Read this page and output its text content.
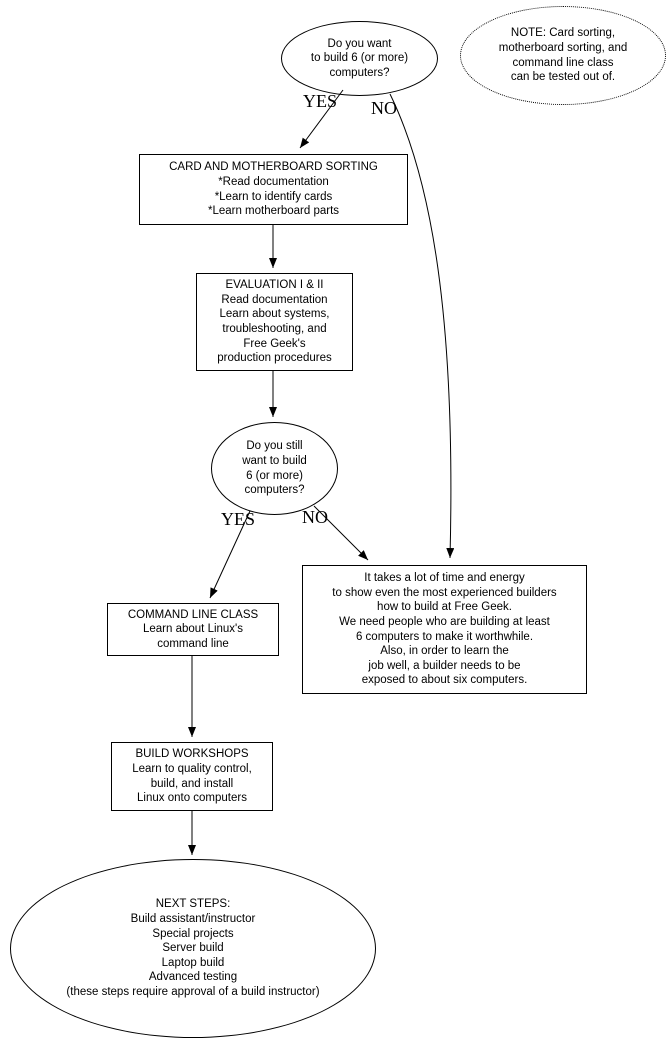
Do you want
to build 6 (or more)
computers?
NOTE: Card sorting,
motherboard sorting, and
command line class
can be tested out of.
CARD AND MOTHERBOARD SORTING
*Read documentation
*Learn to identify cards
*Learn motherboard parts
EVALUATION I & II
Read documentation
Learn about systems,
troubleshooting, and
Free Geek's
production procedures
Do you still
want to build
6 (or more)
computers?
It takes a lot of time and energy
to show even the most experienced builders
how to build at Free Geek.
We need people who are building at least
6 computers to make it worthwhile.
Also, in order to learn the
job well, a builder needs to be
exposed to about six computers.
COMMAND LINE CLASS
Learn about Linux's
command line
BUILD WORKSHOPS
Learn to quality control,
build, and install
Linux onto computers
NEXT STEPS:
Build assistant/instructor
Special projects
Server build
Laptop build
Advanced testing
(these steps require approval of a build instructor)
YES NO
YES	NO
